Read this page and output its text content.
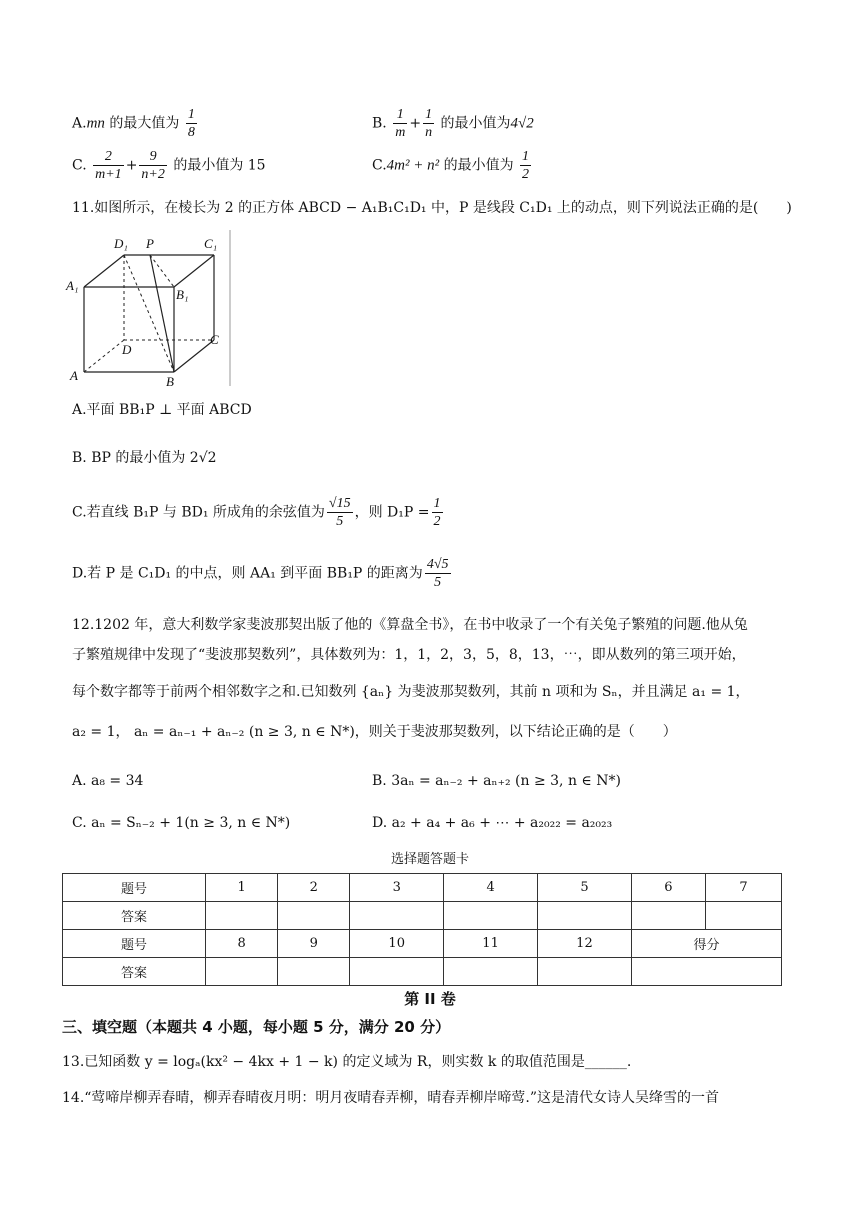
A.mn 的最大值为 $\frac{1}{8}$	B. $\frac{1}{m} + \frac{1}{n}$ 的最小值为4√2
C. $\frac{2}{m+1} + \frac{9}{n+2}$ 的最小值为 15	C.4m² + n² 的最小值为 $\frac{1}{2}$
11.如图所示，在棱长为 2 的正方体 ABCD − A₁B₁C₁D₁ 中，P 是线段 C₁D₁ 上的动点，则下列说法正确的是(　　)
D₁ P	C₁
A₁
B₁
D
C
A	B
A.平面 BB₁P ⊥ 平面 ABCD
B. BP 的最小值为 2√2
C.若直线 B₁P 与 BD₁ 所成角的余弦值为 $\frac{√15}{5}$ ，则 $D_1P = \frac{1}{2}$
D.若 P 是 C₁D₁ 的中点，则 AA₁ 到平面 BB₁P 的距离为 $\frac{4√5}{5}$
12.1202 年，意大利数学家斐波那契出版了他的《算盘全书》，在书中收录了一个有关兔子繁殖的问题.他从兔
子繁殖规律中发现了“斐波那契数列”，具体数列为：1，1，2，3，5，8，13，⋯，即从数列的第三项开始，
每个数字都等于前两个相邻数字之和.已知数列 {aₙ} 为斐波那契数列，其前 n 项和为 Sₙ，并且满足 a₁ = 1，
a₂ = 1， aₙ = aₙ₋₁ + aₙ₋₂ (n ≥ 3, n ∈ N*)，则关于斐波那契数列，以下结论正确的是（　　）
A. a₈ = 34	B. 3aₙ = aₙ₋₂ + aₙ₊₂ (n ≥ 3, n ∈ N*)
C. aₙ = Sₙ₋₂ + 1(n ≥ 3, n ∈ N*)	D. a₂ + a₄ + a₆ + ⋯ + a₂₀₂₂ = a₂₀₂₃
选择题答题卡
题号	1	2	3	4	5	6	7
答案							
题号	8	9	10	11	12	得分	
答案							
第 II 卷
三、填空题（本题共 4 小题，每小题 5 分，满分 20 分）
13.已知函数 y = logₐ(kx² − 4kx + 1 − k) 的定义域为 R，则实数 k 的取值范围是______.
14.“莺啼岸柳弄春晴，柳弄春晴夜月明：明月夜晴春弄柳，晴春弄柳岸啼莺.”这是清代女诗人吴绛雪的一首
